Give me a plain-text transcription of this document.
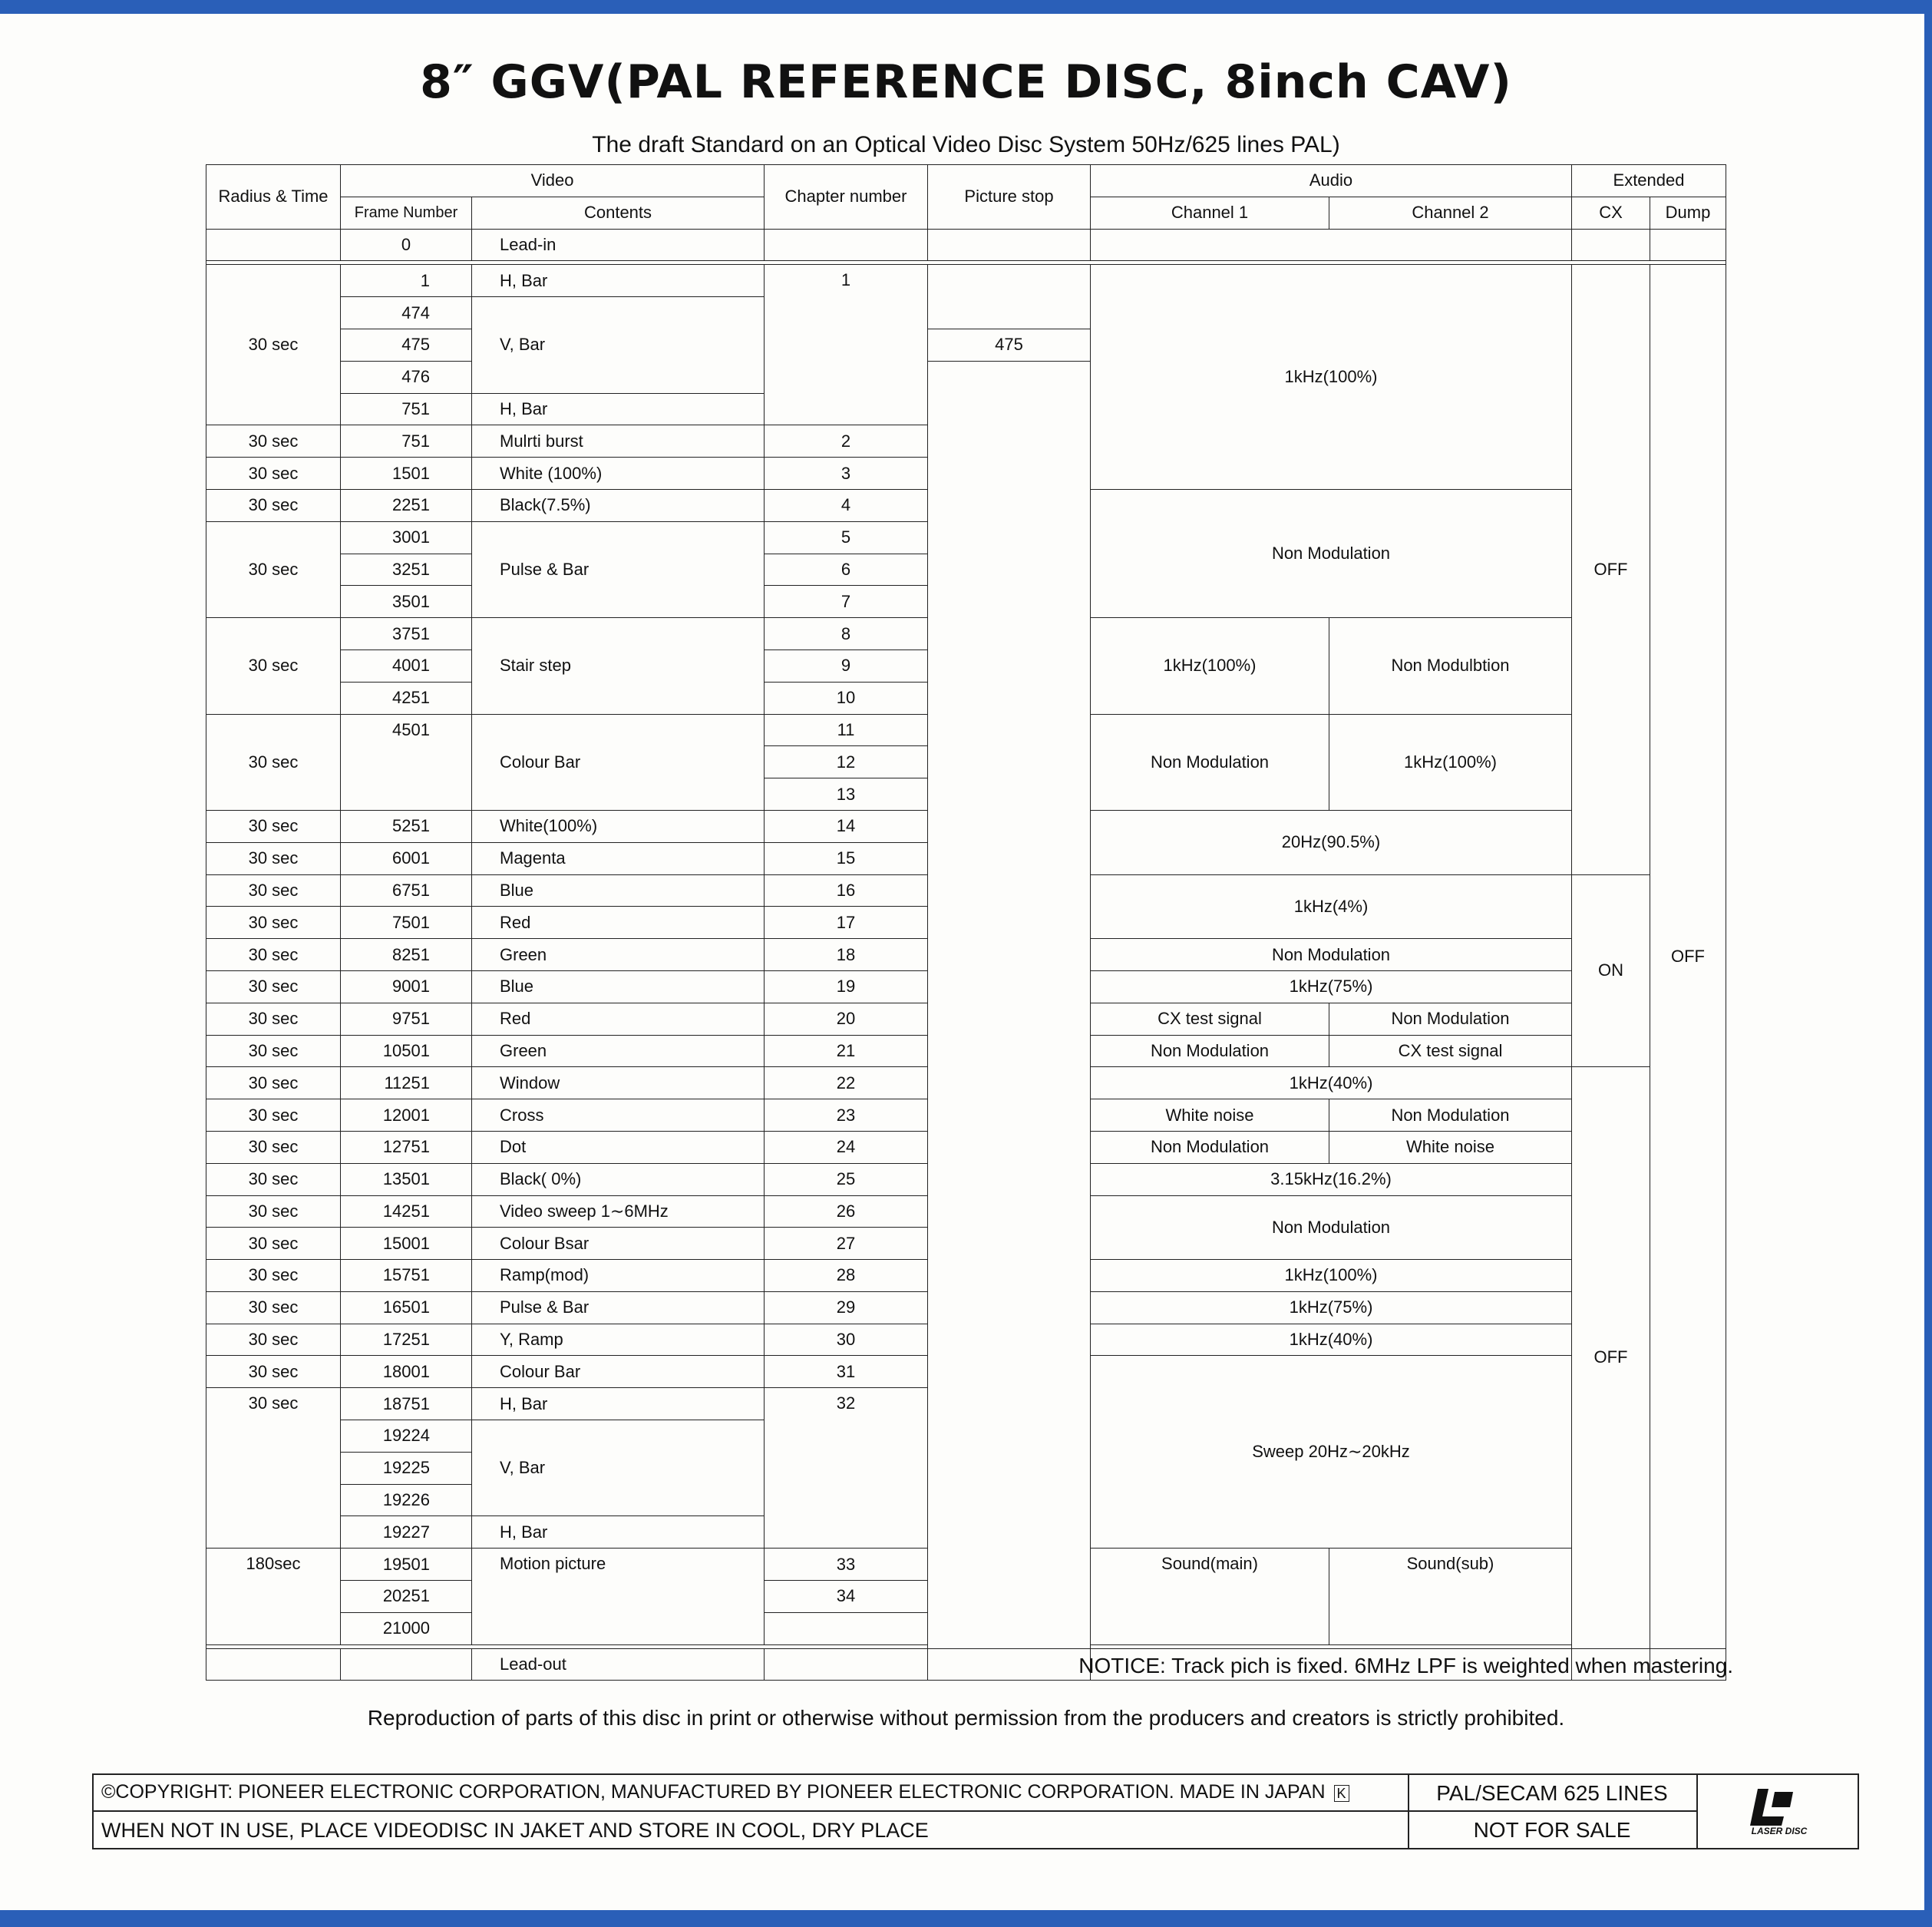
8″ GGV(PAL REFERENCE DISC, 8inch CAV)
The draft Standard on an Optical Video Disc System 50Hz/625 lines PAL)
Radius & Time	Video		Chapter number	Picture stop	Audio		Extended	
	Frame Number	Contents			Channel 1	Channel 2	CX	Dump
	0	Lead-in						

30 sec	1	H, Bar	1		1kHz(100%)		OFF	OFF
	474	V, Bar						
	475			475				
	476							
	751	H, Bar						
30 sec	751	Mulrti burst	2					
30 sec	1501	White (100%)	3					
30 sec	2251	Black(7.5%)	4		Non Modulation			
30 sec	3001	Pulse & Bar	5					
	3251		6					
	3501		7					
30 sec	3751	Stair step	8		1kHz(100%)	Non Modulbtion		
	4001		9					
	4251		10					
30 sec	4501	Colour Bar	11		Non Modulation	1kHz(100%)		
			12					
			13					
30 sec	5251	White(100%)	14		20Hz(90.5%)			
30 sec	6001	Magenta	15					
30 sec	6751	Blue	16		1kHz(4%)		ON	
30 sec	7501	Red	17					
30 sec	8251	Green	18		Non Modulation			
30 sec	9001	Blue	19		1kHz(75%)			
30 sec	9751	Red	20		CX test signal	Non Modulation		
30 sec	10501	Green	21		Non Modulation	CX test signal		
30 sec	11251	Window	22		1kHz(40%)		OFF	
30 sec	12001	Cross	23		White noise	Non Modulation		
30 sec	12751	Dot	24		Non Modulation	White noise		
30 sec	13501	Black( 0%)	25		3.15kHz(16.2%)			
30 sec	14251	Video sweep 1∼6MHz	26		Non Modulation			
30 sec	15001	Colour Bsar	27					
30 sec	15751	Ramp(mod)	28		1kHz(100%)			
30 sec	16501	Pulse & Bar	29		1kHz(75%)			
30 sec	17251	Y, Ramp	30		1kHz(40%)			
30 sec	18001	Colour Bar	31		Sweep 20Hz∼20kHz			
30 sec	18751	H, Bar	32					
	19224	V, Bar						
	19225							
	19226							
	19227	H, Bar						
180sec	19501	Motion picture	33		Sound(main)	Sound(sub)		
	20251		34					
	21000							

		Lead-out							NOTICE: Track pich is fixed. 6MHz LPF is weighted when mastering.
Reproduction of parts of this disc in print or otherwise without permission from the producers and creators is strictly prohibited.
©COPYRIGHT: PIONEER ELECTRONIC CORPORATION, MANUFACTURED BY PIONEER ELECTRONIC CORPORATION. MADE IN JAPAN K
WHEN NOT IN USE, PLACE VIDEODISC IN JAKET AND STORE IN COOL, DRY PLACE
PAL/SECAM 625 LINES
NOT FOR SALE	LASER DISC
